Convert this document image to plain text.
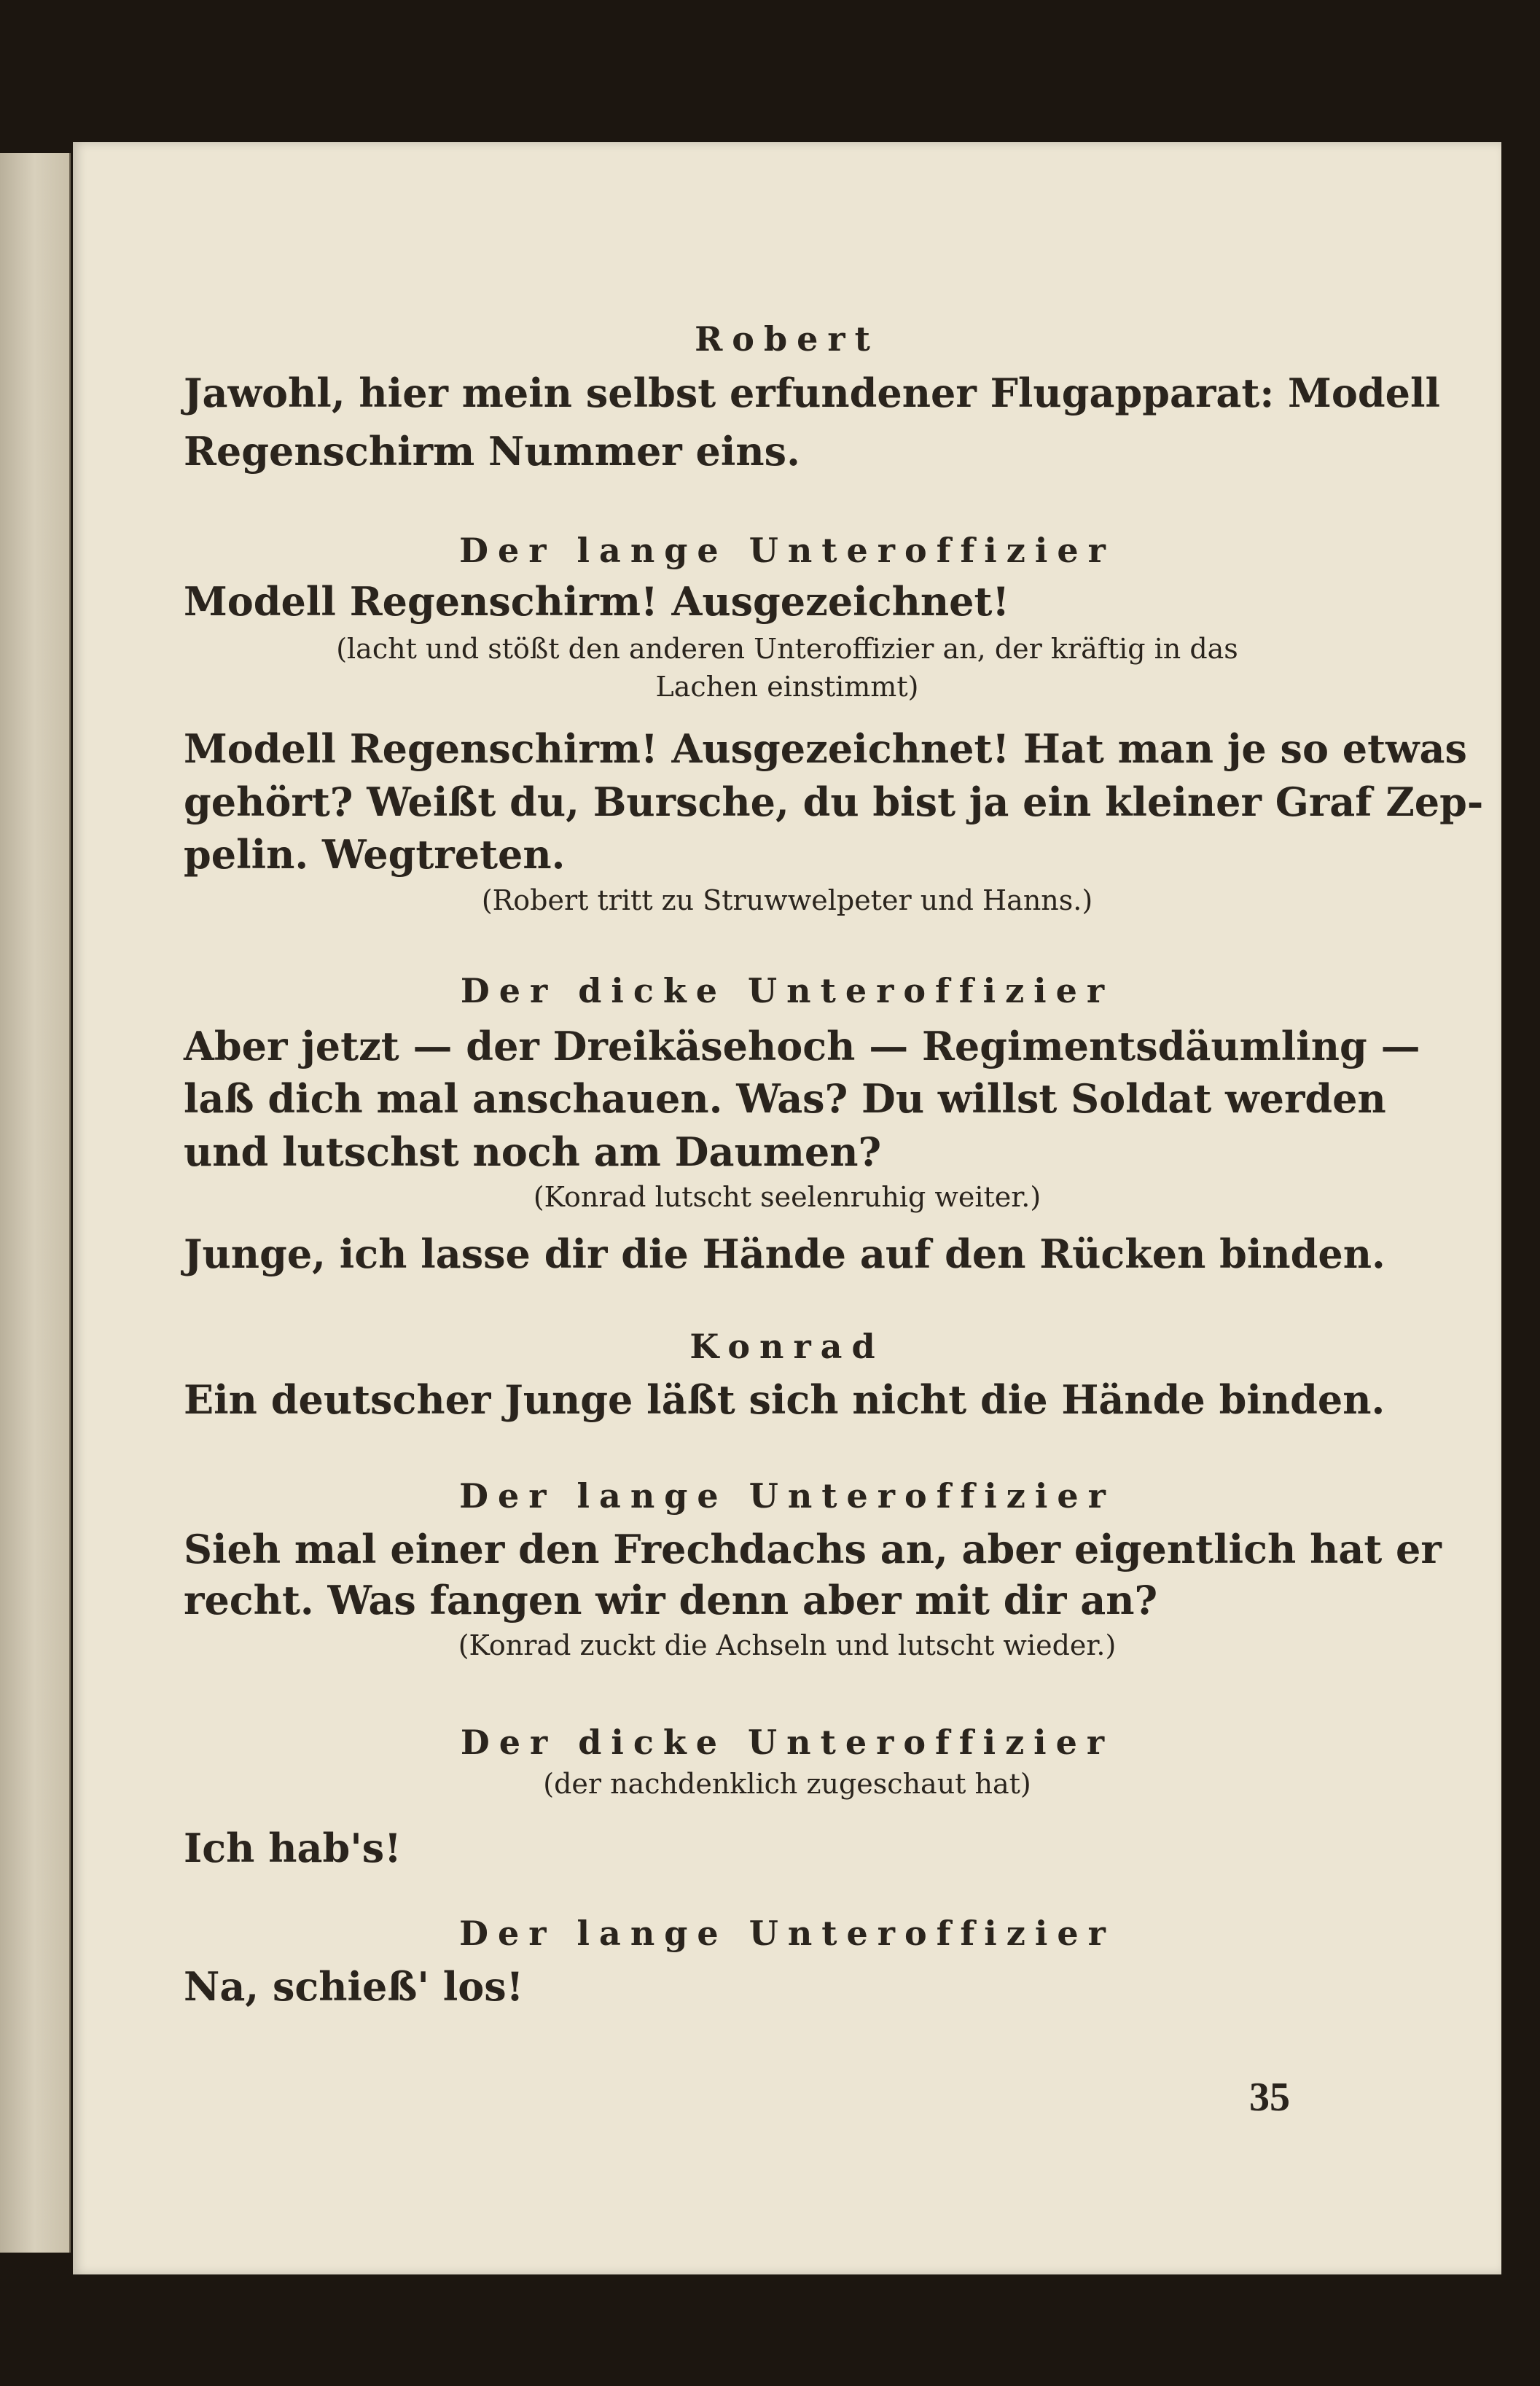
Robert
Jawohl, hier mein selbst erfundener Flugapparat: Modell
Regenschirm Nummer eins.
Der lange Unteroffizier
Modell Regenschirm! Ausgezeichnet!
(lacht und stößt den anderen Unteroffizier an, der kräftig in das
Lachen einstimmt)
Modell Regenschirm! Ausgezeichnet! Hat man je so etwas
gehört? Weißt du, Bursche, du bist ja ein kleiner Graf Zep-
pelin. Wegtreten.
(Robert tritt zu Struwwelpeter und Hanns.)
Der dicke Unteroffizier
Aber jetzt — der Dreikäsehoch — Regimentsdäumling —
laß dich mal anschauen. Was? Du willst Soldat werden
und lutschst noch am Daumen?
(Konrad lutscht seelenruhig weiter.)
Junge, ich lasse dir die Hände auf den Rücken binden.
Konrad
Ein deutscher Junge läßt sich nicht die Hände binden.
Der lange Unteroffizier
Sieh mal einer den Frechdachs an, aber eigentlich hat er
recht. Was fangen wir denn aber mit dir an?
(Konrad zuckt die Achseln und lutscht wieder.)
Der dicke Unteroffizier
(der nachdenklich zugeschaut hat)
Ich hab's!
Der lange Unteroffizier
Na, schieß' los!
35
